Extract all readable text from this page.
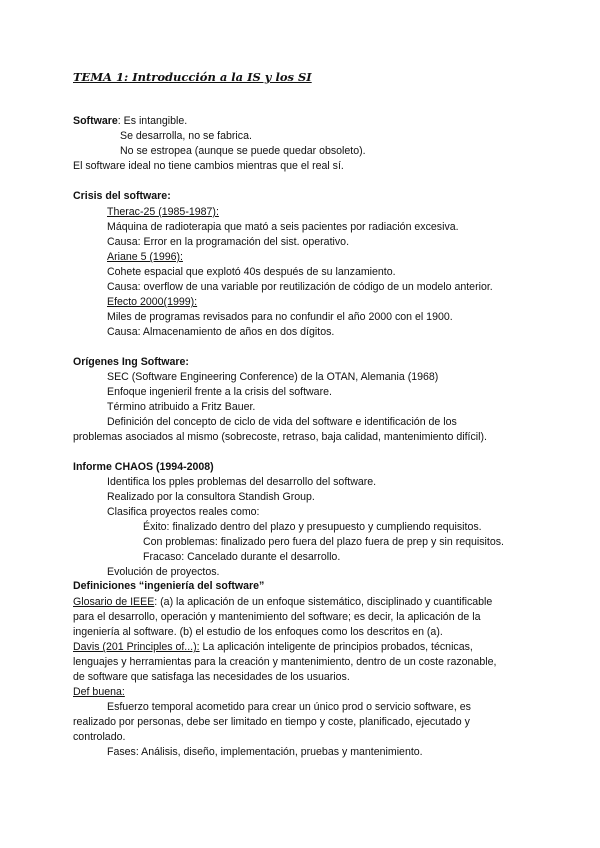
TEMA 1: Introducción a la IS y los SI
Software: Es intangible.
Se desarrolla, no se fabrica.
No se estropea (aunque se puede quedar obsoleto).
El software ideal no tiene cambios mientras que el real sí.
Crisis del software:
Therac-25 (1985-1987):
Máquina de radioterapia que mató a seis pacientes por radiación excesiva.
Causa: Error en la programación del sist. operativo.
Ariane 5 (1996):
Cohete espacial que explotó 40s después de su lanzamiento.
Causa: overflow de una variable por reutilización de código de un modelo anterior.
Efecto 2000(1999):
Miles de programas revisados para no confundir el año 2000 con el 1900.
Causa: Almacenamiento de años en dos dígitos.
Orígenes Ing Software:
SEC (Software Engineering Conference) de la OTAN, Alemania (1968)
Enfoque ingenieril frente a la crisis del software.
Término atribuido a Fritz Bauer.
Definición del concepto de ciclo de vida del software e identificación de los
problemas asociados al mismo (sobrecoste, retraso, baja calidad, mantenimiento difícil).
Informe CHAOS (1994-2008)
Identifica los pples problemas del desarrollo del software.
Realizado por la consultora Standish Group.
Clasifica proyectos reales como:
Éxito: finalizado dentro del plazo y presupuesto y cumpliendo requisitos.
Con problemas: finalizado pero fuera del plazo fuera de prep y sin requisitos.
Fracaso: Cancelado durante el desarrollo.
Evolución de proyectos.
Definiciones “ingeniería del software”
Glosario de IEEE: (a) la aplicación de un enfoque sistemático, disciplinado y cuantificable
para el desarrollo, operación y mantenimiento del software; es decir, la aplicación de la
ingeniería al software. (b) el estudio de los enfoques como los descritos en (a).
Davis (201 Principles of...): La aplicación inteligente de principios probados, técnicas,
lenguajes y herramientas para la creación y mantenimiento, dentro de un coste razonable,
de software que satisfaga las necesidades de los usuarios.
Def buena:
Esfuerzo temporal acometido para crear un único prod o servicio software, es
realizado por personas, debe ser limitado en tiempo y coste, planificado, ejecutado y
controlado.
Fases: Análisis, diseño, implementación, pruebas y mantenimiento.
